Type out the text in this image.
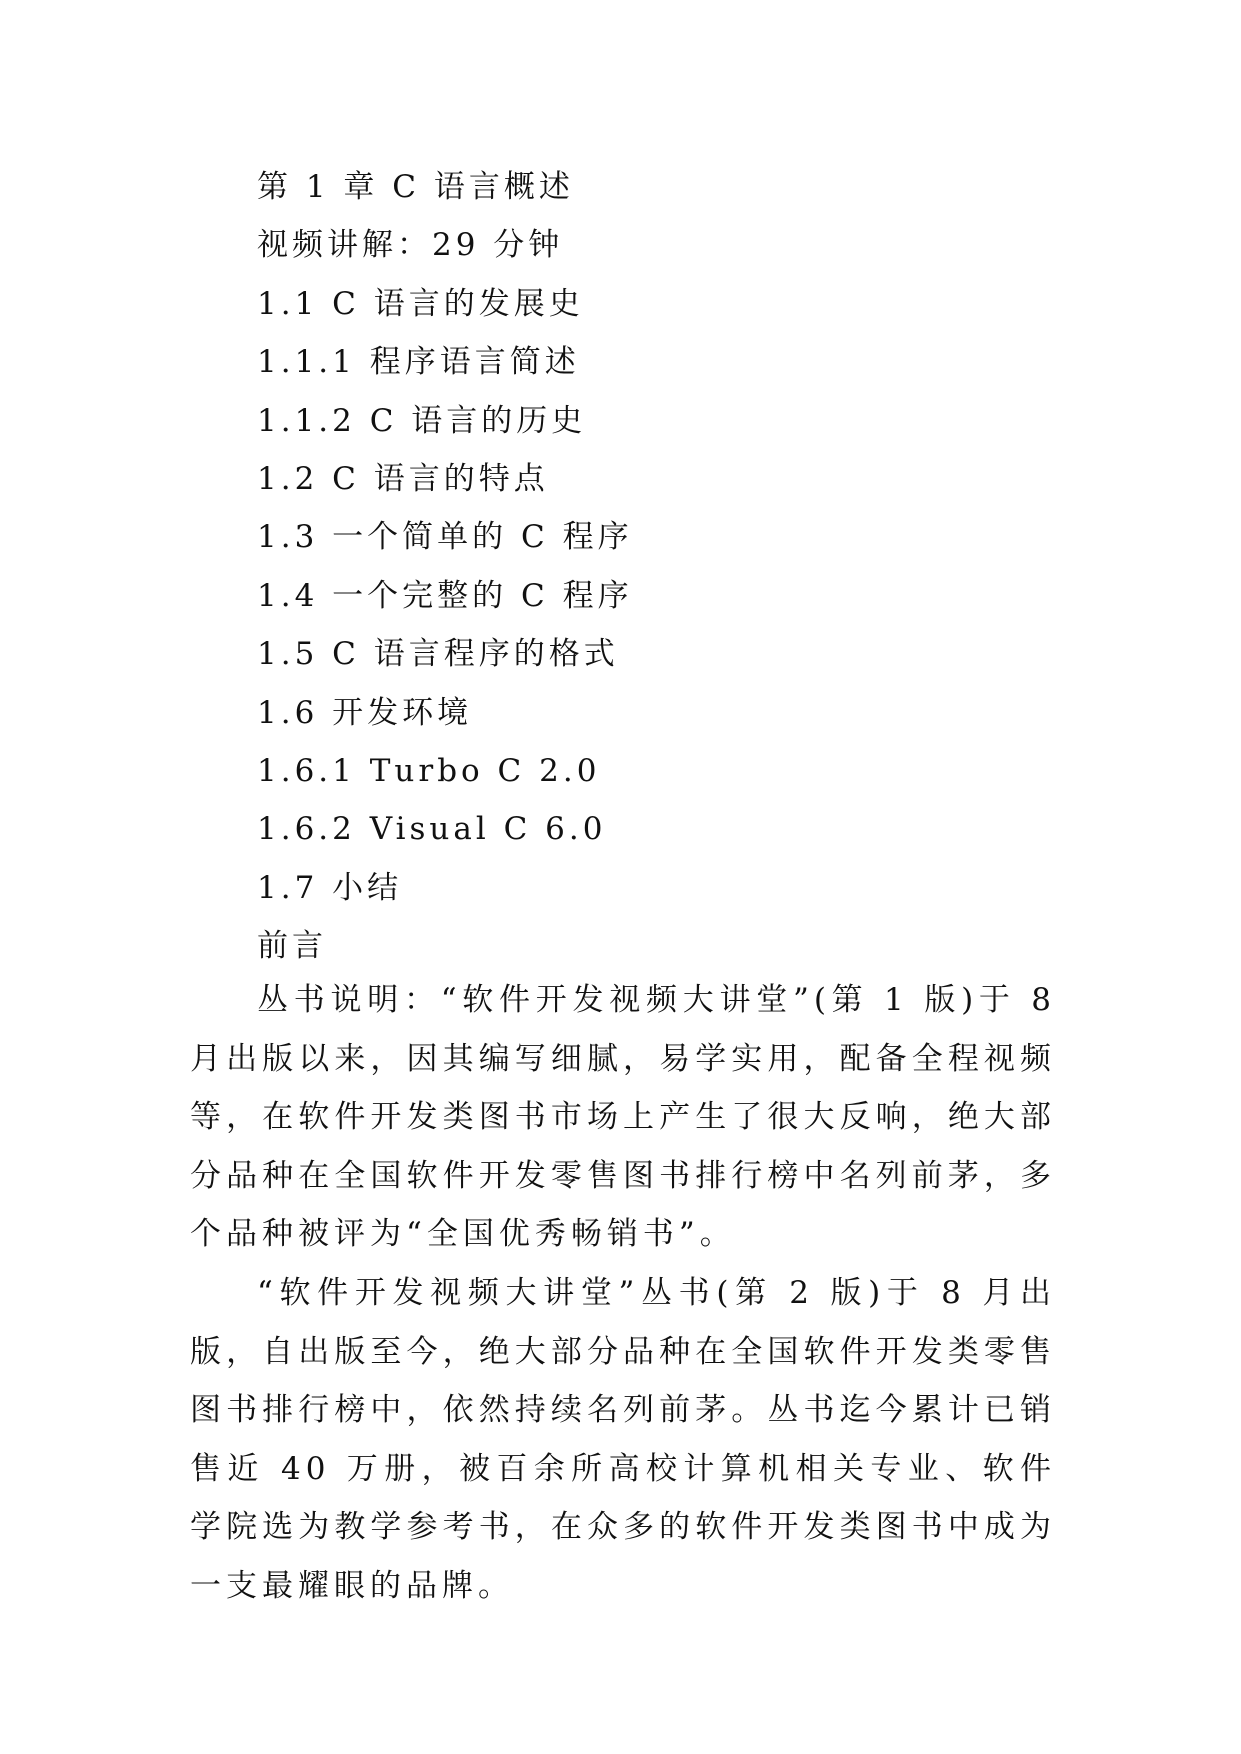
第 1 章 C 语言概述
视频讲解：29 分钟
1.1 C 语言的发展史
1.1.1 程序语言简述
1.1.2 C 语言的历史
1.2 C 语言的特点
1.3 一个简单的 C 程序
1.4 一个完整的 C 程序
1.5 C 语言程序的格式
1.6 开发环境
1.6.1 Turbo C 2.0
1.6.2 Visual C 6.0
1.7 小结
前言

丛书说明：“软件开发视频大讲堂”(第 1 版)于 8 月出版以来，因其编写细腻，易学实用，配备全程视频等，在软件开发类图书市场上产生了很大反响，绝大部分品种在全国软件开发零售图书排行榜中名列前茅，多个品种被评为“全国优秀畅销书”。

“软件开发视频大讲堂”丛书(第 2 版)于 8 月出版，自出版至今，绝大部分品种在全国软件开发类零售图书排行榜中，依然持续名列前茅。丛书迄今累计已销售近 40 万册，被百余所高校计算机相关专业、软件学院选为教学参考书，在众多的软件开发类图书中成为一支最耀眼的品牌。
